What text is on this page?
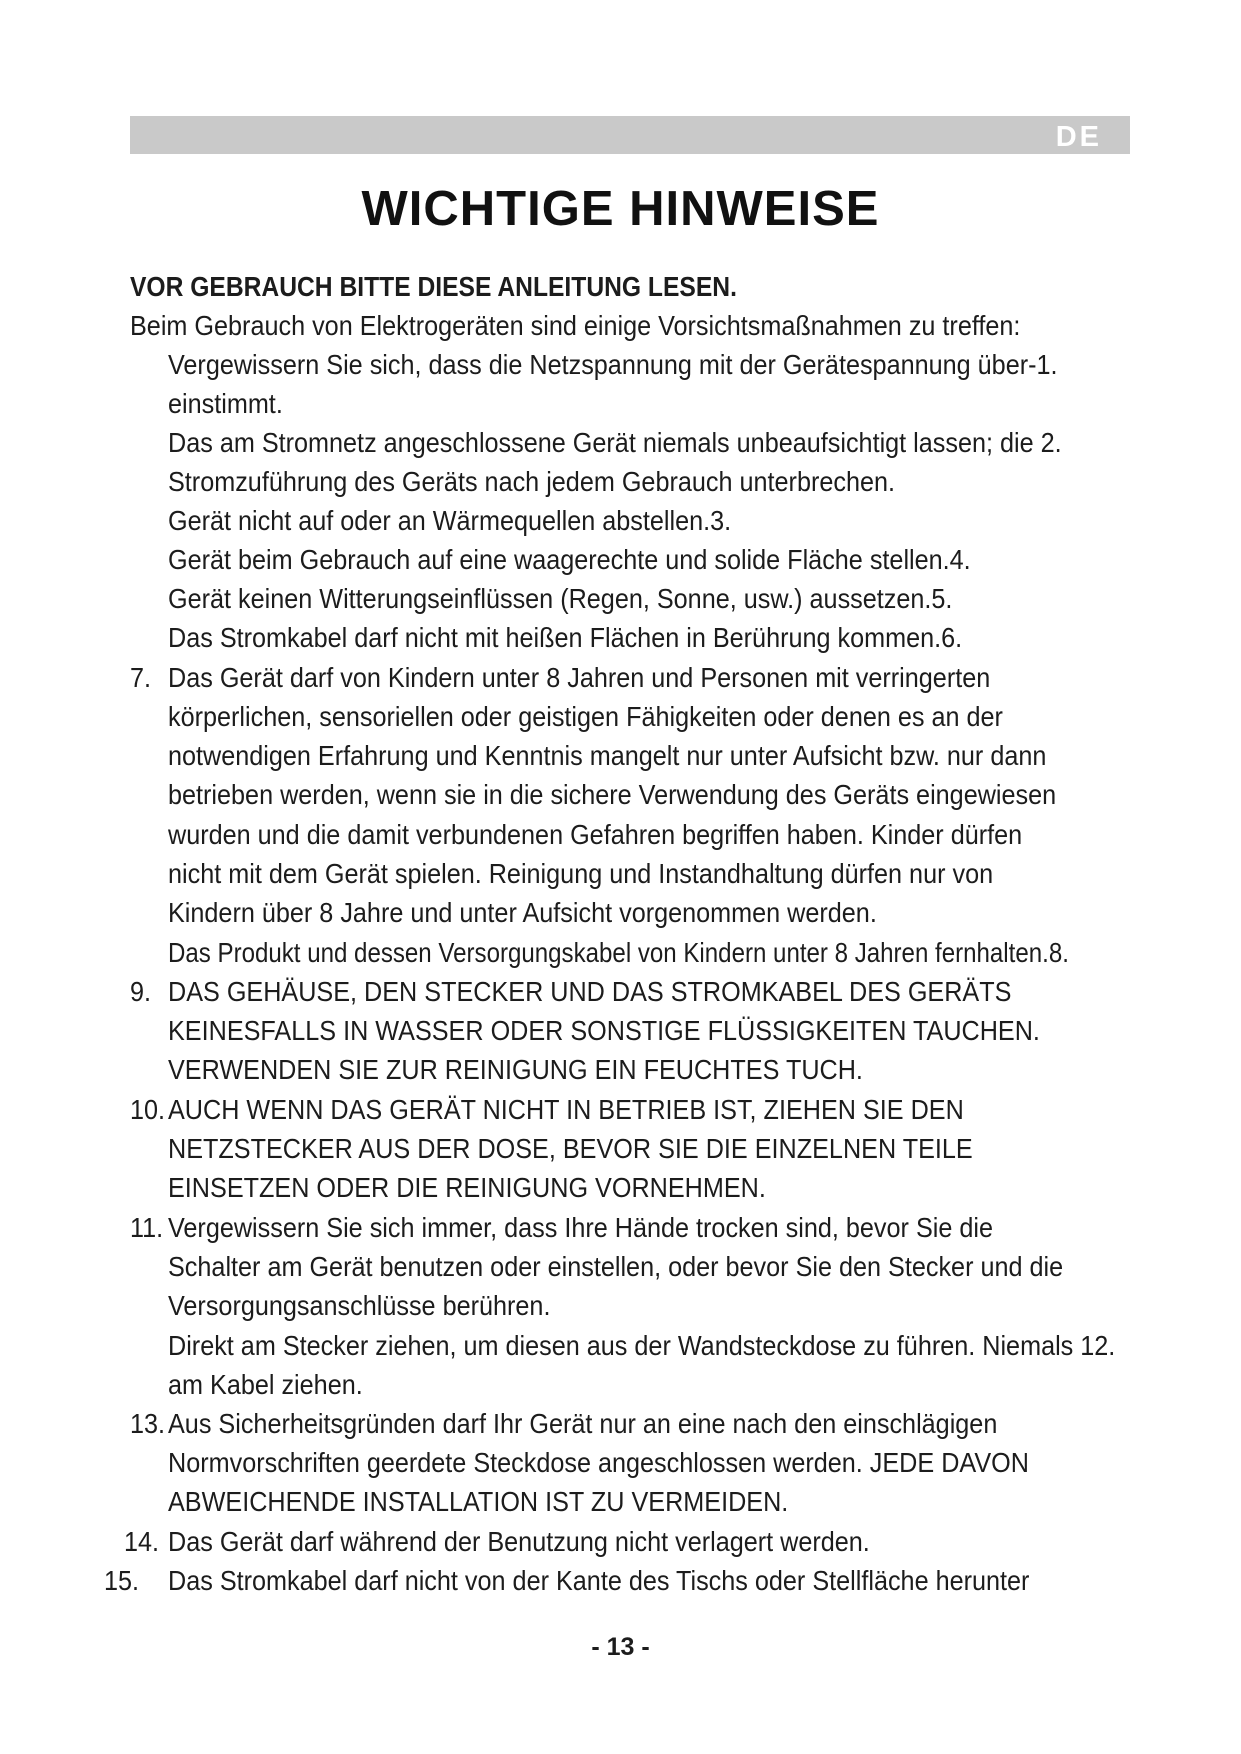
DE
WICHTIGE HINWEISE
VOR GEBRAUCH BITTE DIESE ANLEITUNG LESEN.
Beim Gebrauch von Elektrogeräten sind einige Vorsichtsmaßnahmen zu treffen:
Vergewissern Sie sich, dass die Netzspannung mit der Gerätespannung über-1.
einstimmt.
Das am Stromnetz angeschlossene Gerät niemals unbeaufsichtigt lassen; die 2.
Stromzuführung des Geräts nach jedem Gebrauch unterbrechen.
Gerät nicht auf oder an Wärmequellen abstellen.3.
Gerät beim Gebrauch auf eine waagerechte und solide Fläche stellen.4.
Gerät keinen Witterungseinflüssen (Regen, Sonne, usw.) aussetzen.5.
Das Stromkabel darf nicht mit heißen Flächen in Berührung kommen.6.
7. Das Gerät darf von Kindern unter 8 Jahren und Personen mit verringerten
körperlichen, sensoriellen oder geistigen Fähigkeiten oder denen es an der
notwendigen Erfahrung und Kenntnis mangelt nur unter Aufsicht bzw. nur dann
betrieben werden, wenn sie in die sichere Verwendung des Geräts eingewiesen
wurden und die damit verbundenen Gefahren begriffen haben. Kinder dürfen
nicht mit dem Gerät spielen. Reinigung und Instandhaltung dürfen nur von
Kindern über 8 Jahre und unter Aufsicht vorgenommen werden.
Das Produkt und dessen Versorgungskabel von Kindern unter 8 Jahren fernhalten.8.
9. DAS GEHÄUSE, DEN STECKER UND DAS STROMKABEL DES GERÄTS
KEINESFALLS IN WASSER ODER SONSTIGE FLÜSSIGKEITEN TAUCHEN.
VERWENDEN SIE ZUR REINIGUNG EIN FEUCHTES TUCH.
10. AUCH WENN DAS GERÄT NICHT IN BETRIEB IST, ZIEHEN SIE DEN
NETZSTECKER AUS DER DOSE, BEVOR SIE DIE EINZELNEN TEILE
EINSETZEN ODER DIE REINIGUNG VORNEHMEN.
11. Vergewissern Sie sich immer, dass Ihre Hände trocken sind, bevor Sie die
Schalter am Gerät benutzen oder einstellen, oder bevor Sie den Stecker und die
Versorgungsanschlüsse berühren.
Direkt am Stecker ziehen, um diesen aus der Wandsteckdose zu führen. Niemals 12.
am Kabel ziehen.
13. Aus Sicherheitsgründen darf Ihr Gerät nur an eine nach den einschlägigen
Normvorschriften geerdete Steckdose angeschlossen werden. JEDE DAVON
ABWEICHENDE INSTALLATION IST ZU VERMEIDEN.
14. Das Gerät darf während der Benutzung nicht verlagert werden.
15. Das Stromkabel darf nicht von der Kante des Tischs oder Stellfläche herunter
- 13 -
